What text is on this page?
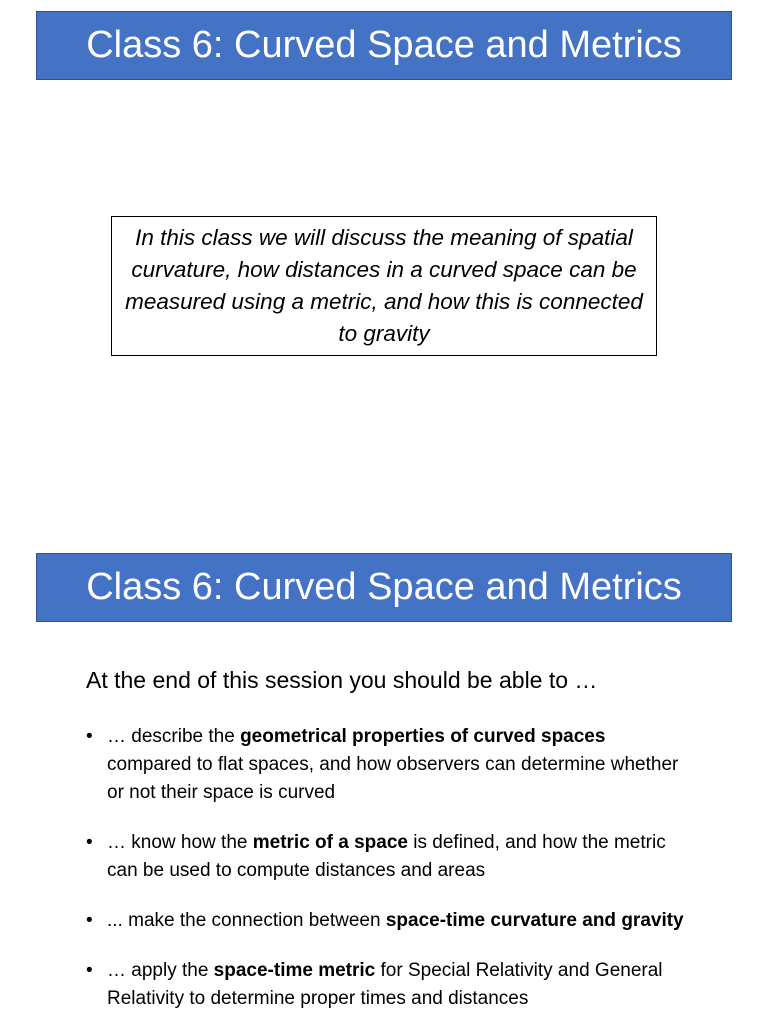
Class 6: Curved Space and Metrics
In this class we will discuss the meaning of spatial curvature, how distances in a curved space can be measured using a metric, and how this is connected to gravity
Class 6: Curved Space and Metrics
At the end of this session you should be able to …
• … describe the geometrical properties of curved spaces compared to flat spaces, and how observers can determine whether or not their space is curved
• … know how the metric of a space is defined, and how the metric can be used to compute distances and areas
• ... make the connection between space-time curvature and gravity
• … apply the space-time metric for Special Relativity and General Relativity to determine proper times and distances
